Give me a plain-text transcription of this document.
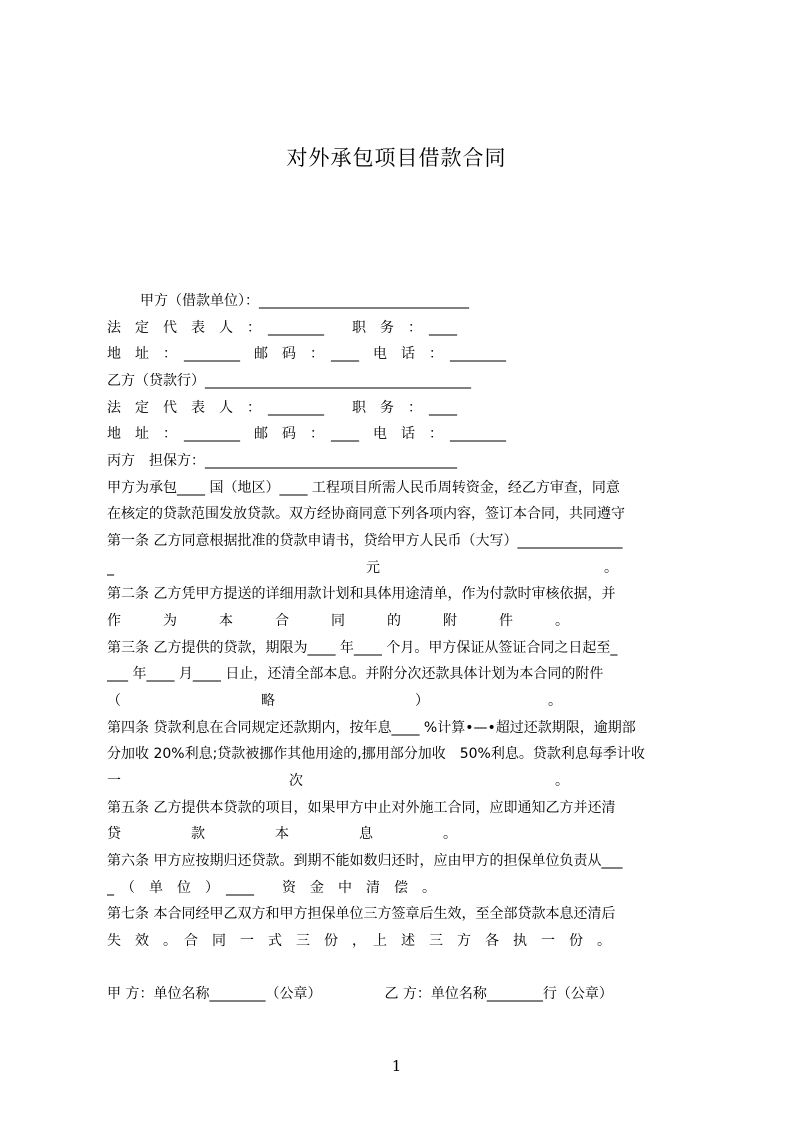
对外承包项目借款合同
甲方（借款单位）：______________________________
法　定　代　表　人　：　________　　职　务　：　____
地　址　：　________　邮　码　：　____　电　话　：　________
乙方（贷款行）______________________________________
法　定　代　表　人　：　________　　职　务　：　____
地　址　：　________　邮　码　：　____　电　话　：　________
丙方　担保方：____________________________________
甲方为承包____ 国（地区）____ 工程项目所需人民币周转资金，经乙方审查，同意
在核定的贷款范围发放贷款。双方经协商同意下列各项内容，签订本合同，共同遵守
第一条 乙方同意根据批准的贷款申请书，贷给甲方人民币（大写）_______________
_　　　　　　　　　　　　　　　　　　元　　　　　　　　　　　　　　　　。
第二条 乙方凭甲方提送的详细用款计划和具体用途清单，作为付款时审核依据，并
作　　　为　　　本　　　合　　　同　　　的　　　附　　　件　　　。
第三条 乙方提供的贷款，期限为____ 年____ 个月。甲方保证从签证合同之日起至_
___ 年____ 月____ 日止，还清全部本息。并附分次还款具体计划为本合同的附件
（　　　　　　　　　　略　　　　　　　　　　）　　　　　　　　　。
第四条 贷款利息在合同规定还款期内，按年息____ %计算•—•超过还款期限，逾期部
分加收 20%利息;贷款被挪作其他用途的,挪用部分加收　50%利息。贷款利息每季计收
一　　　　　　　　　　　　次　　　　　　　　　　　　　　　　　　。
第五条 乙方提供本贷款的项目，如果甲方中止对外施工合同，应即通知乙方并还清
贷　　　　　款　　　　　本　　　　　息　　　　　。
第六条 甲方应按期归还贷款。到期不能如数归还时，应由甲方的担保单位负责从___
_　（　单　位　）　____　　资　金　中　清　偿　。
第七条 本合同经甲乙双方和甲方担保单位三方签章后生效，至全部贷款本息还清后
失　效　。　合　同　一　式　三　份　，　上　述　三　方　各　执　一　份　。
甲 方：单位名称________（公章）　　　　　乙 方：单位名称________行（公章）
1
